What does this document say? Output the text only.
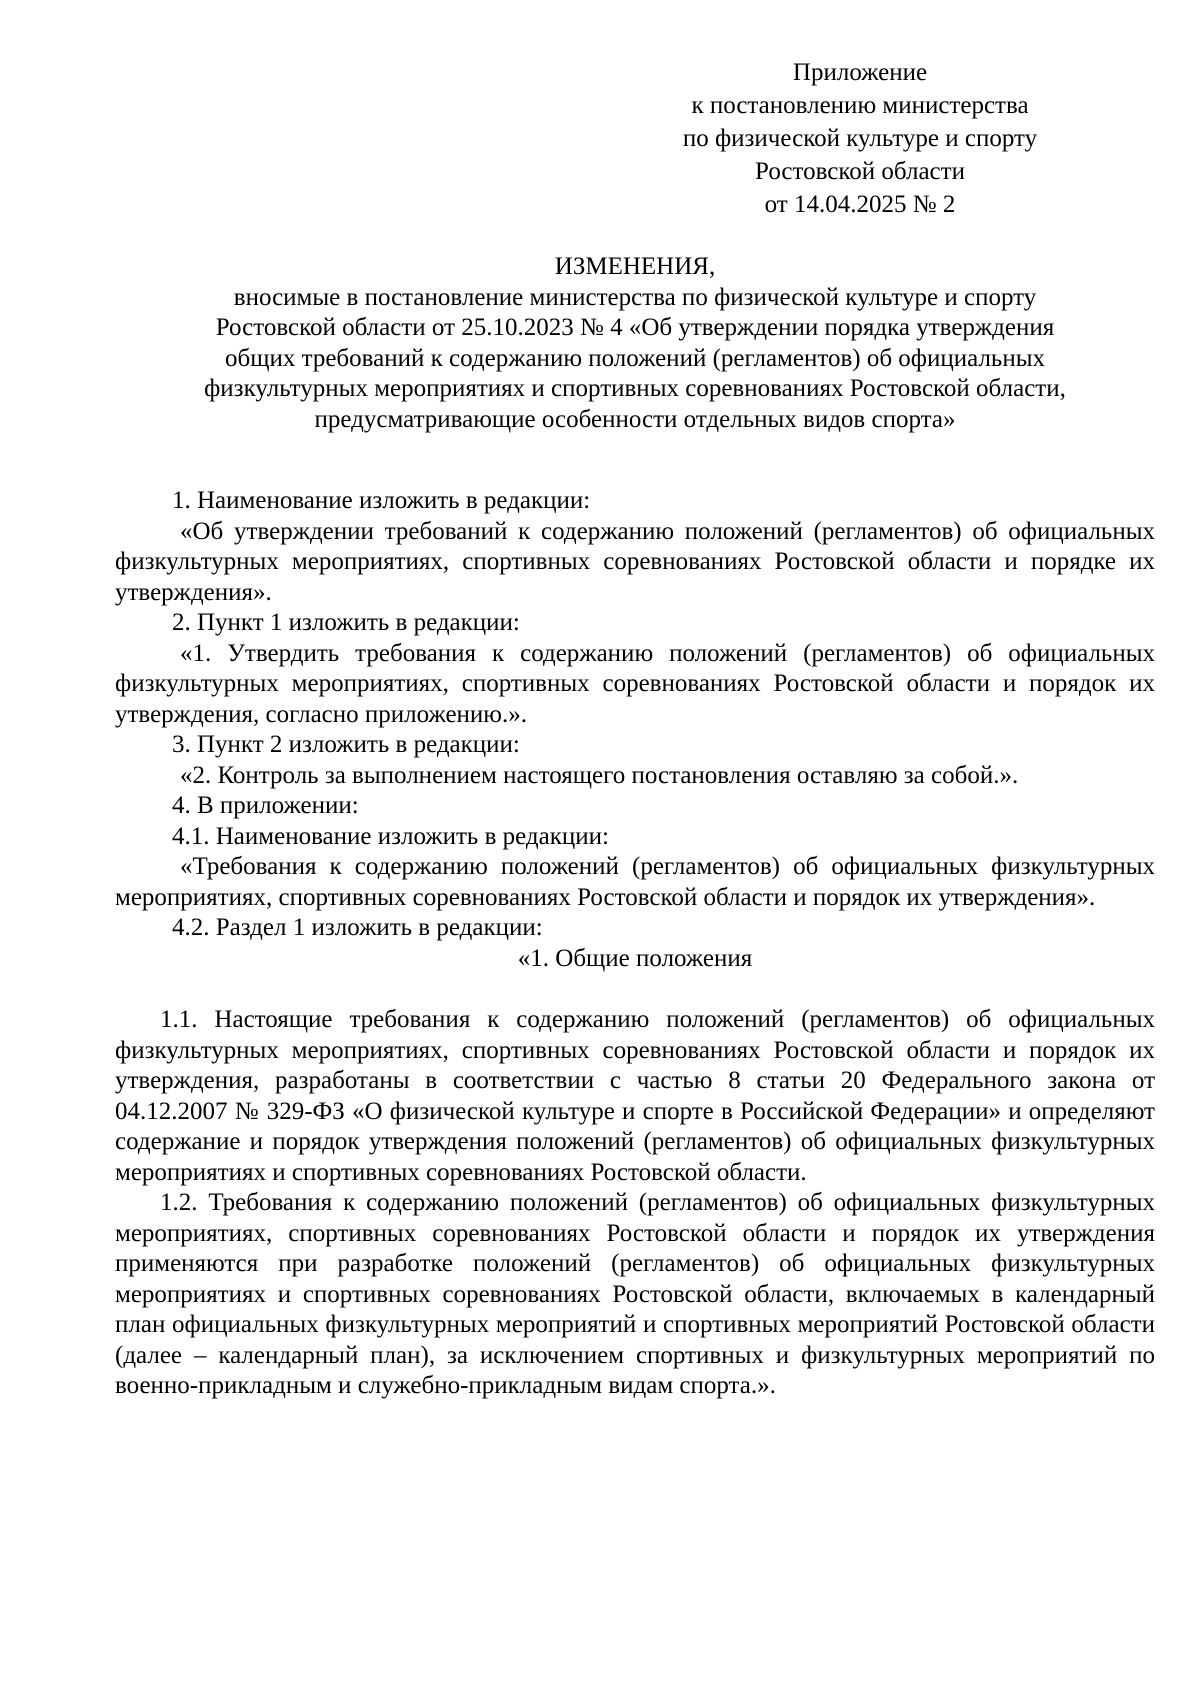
Приложение
к постановлению министерства
по физической культуре и спорту
Ростовской области
от 14.04.2025 № 2
ИЗМЕНЕНИЯ,
вносимые в постановление министерства по физической культуре и спорту
Ростовской области от 25.10.2023 № 4 «Об утверждении порядка утверждения
общих требований к содержанию положений (регламентов) об официальных
физкультурных мероприятиях и спортивных соревнованиях Ростовской области,
предусматривающие особенности отдельных видов спорта»

1. Наименование изложить в редакции:

«Об утверждении требований к содержанию положений (регламентов) об официальных физкультурных мероприятиях, спортивных соревнованиях Ростовской области и порядке их утверждения».

2. Пункт 1 изложить в редакции:

«1. Утвердить требования к содержанию положений (регламентов) об официальных физкультурных мероприятиях, спортивных соревнованиях Ростовской области и порядок их утверждения, согласно приложению.».

3. Пункт 2 изложить в редакции:

«2. Контроль за выполнением настоящего постановления оставляю за собой.».

4. В приложении:

4.1. Наименование изложить в редакции:

«Требования к содержанию положений (регламентов) об официальных физкультурных мероприятиях, спортивных соревнованиях Ростовской области и порядок их утверждения».

4.2. Раздел 1 изложить в редакции:

«1. Общие положения

1.1. Настоящие требования к содержанию положений (регламентов) об официальных физкультурных мероприятиях, спортивных соревнованиях Ростовской области и порядок их утверждения, разработаны в соответствии с частью 8 статьи 20 Федерального закона от 04.12.2007 № 329-ФЗ «О физической культуре и спорте в Российской Федерации» и определяют содержание и порядок утверждения положений (регламентов) об официальных физкультурных мероприятиях и спортивных соревнованиях Ростовской области.

1.2. Требования к содержанию положений (регламентов) об официальных физкультурных мероприятиях, спортивных соревнованиях Ростовской области и порядок их утверждения применяются при разработке положений (регламентов) об официальных физкультурных мероприятиях и спортивных соревнованиях Ростовской области, включаемых в календарный план официальных физкультурных мероприятий и спортивных мероприятий Ростовской области (далее – календарный план), за исключением спортивных и физкультурных мероприятий по военно-прикладным и служебно-прикладным видам спорта.».
